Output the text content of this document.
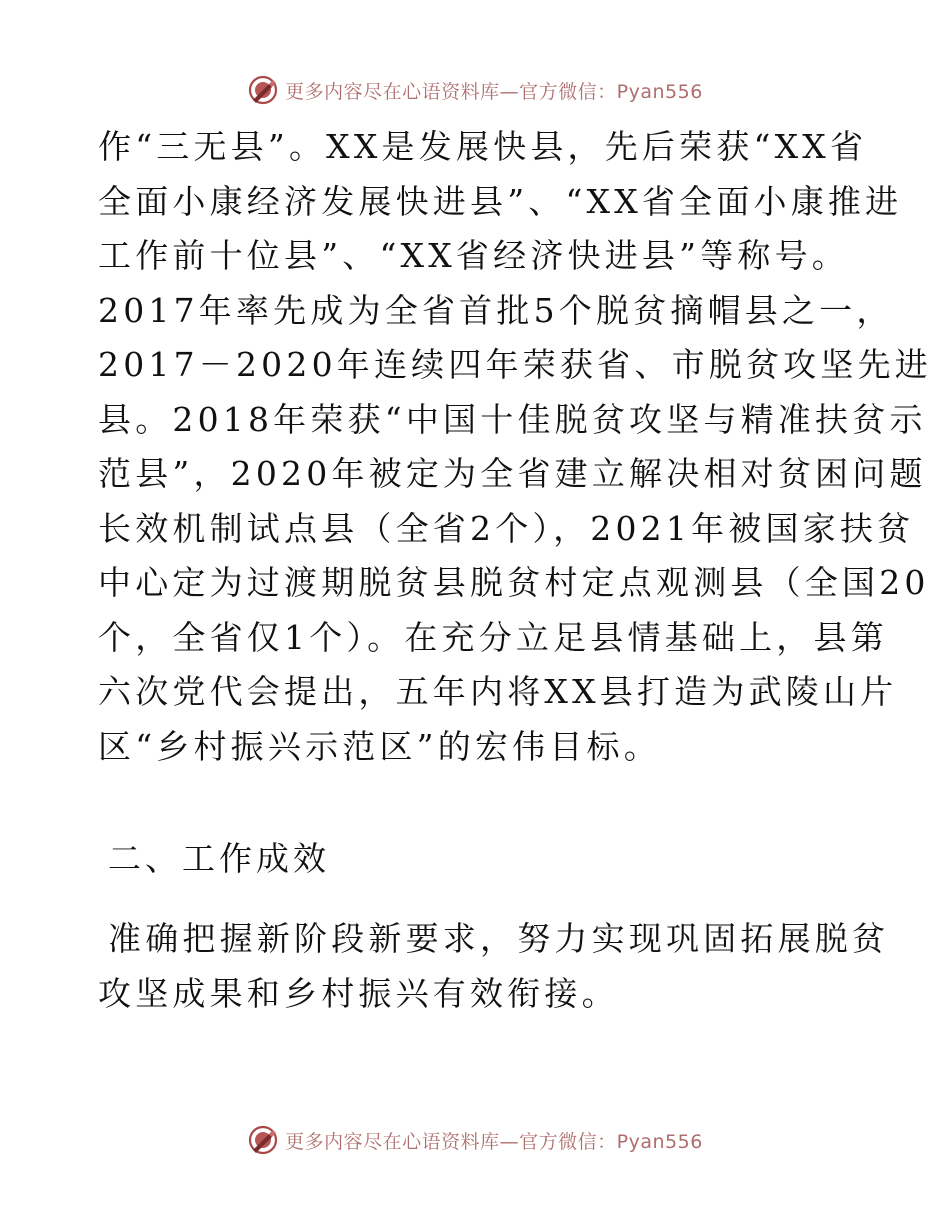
更多内容尽在心语资料库—官方微信：Pyan556
作“三无县”。XX是发展快县，先后荣获“XX省
全面小康经济发展快进县”、“XX省全面小康推进
工作前十位县”、“XX省经济快进县”等称号。
2017年率先成为全省首批5个脱贫摘帽县之一，
2017－2020年连续四年荣获省、市脱贫攻坚先进
县。2018年荣获“中国十佳脱贫攻坚与精准扶贫示
范县”，2020年被定为全省建立解决相对贫困问题
长效机制试点县（全省2个），2021年被国家扶贫
中心定为过渡期脱贫县脱贫村定点观测县（全国20
个，全省仅1个）。在充分立足县情基础上，县第
六次党代会提出，五年内将XX县打造为武陵山片
区“乡村振兴示范区”的宏伟目标。
二、工作成效
准确把握新阶段新要求，努力实现巩固拓展脱贫
攻坚成果和乡村振兴有效衔接。
更多内容尽在心语资料库—官方微信：Pyan556
